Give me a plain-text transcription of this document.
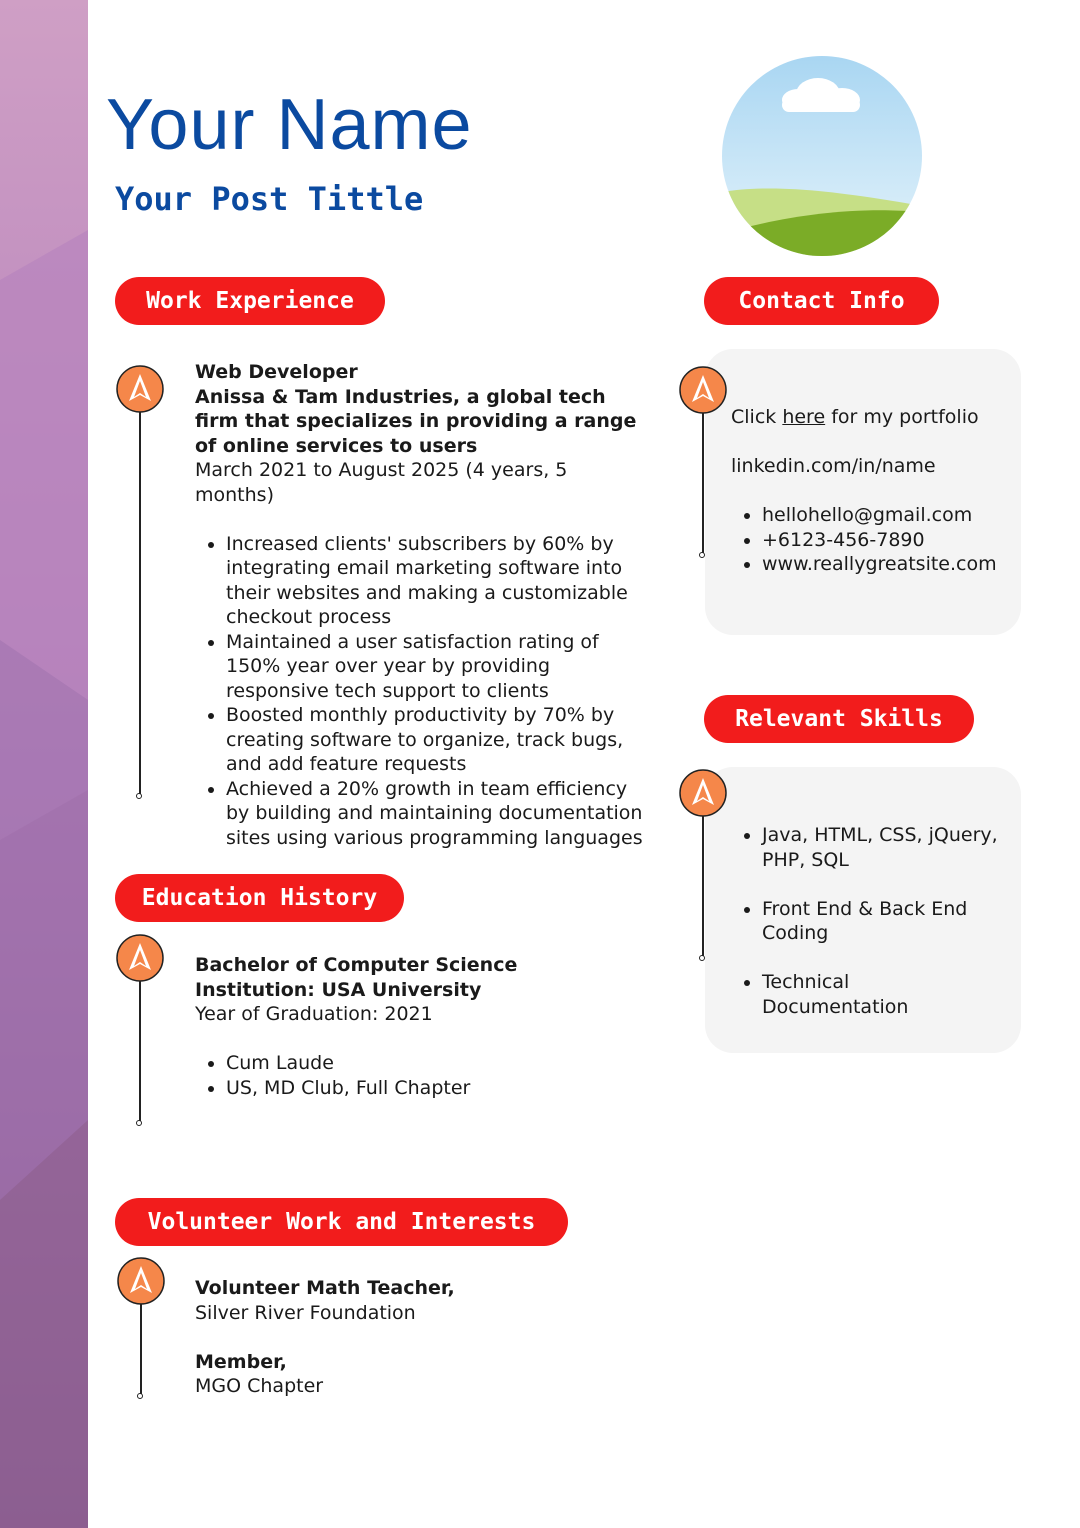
Your Name
Your Post Tittle
Work Experience	Contact Info
Relevant Skills
Education History
Volunteer Work and Interests
Web Developer
Anissa & Tam Industries, a global tech firm that specializes in providing a range of online services to users
March 2021 to August 2025 (4 years, 5 months)
• Increased clients' subscribers by 60% by integrating email marketing software into their websites and making a customizable checkout process
• Maintained a user satisfaction rating of 150% year over year by providing responsive tech support to clients
• Boosted monthly productivity by 70% by creating software to organize, track bugs, and add feature requests
• Achieved a 20% growth in team efficiency by building and maintaining documentation sites using various programming languages
Click here for my portfolio
linkedin.com/in/name
• hellohello@gmail.com
• +6123-456-7890
• www.reallygreatsite.com
• Java, HTML, CSS, jQuery, PHP, SQL
• Front End & Back End Coding
• Technical Documentation
Bachelor of Computer Science
Institution: USA University
Year of Graduation: 2021
• Cum Laude
• US, MD Club, Full Chapter
Volunteer Math Teacher,
Silver River Foundation
Member,
MGO Chapter
